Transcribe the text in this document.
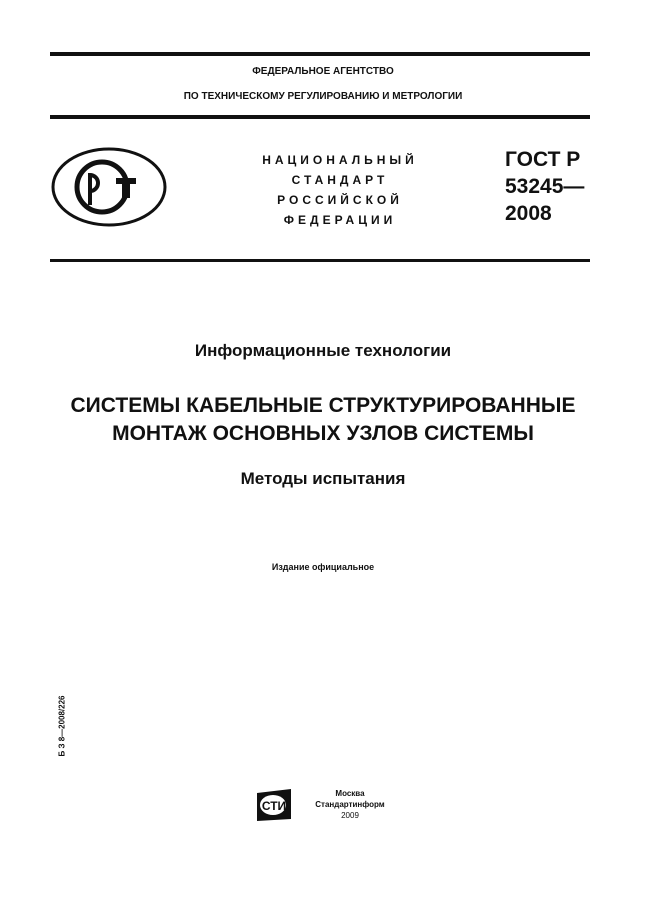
ФЕДЕРАЛЬНОЕ АГЕНТСТВО
ПО ТЕХНИЧЕСКОМУ РЕГУЛИРОВАНИЮ И МЕТРОЛОГИИ
НАЦИОНАЛЬНЫЙ
СТАНДАРТ
РОССИЙСКОЙ
ФЕДЕРАЦИИ
ГОСТ Р
53245—
2008
Информационные технологии
СИСТЕМЫ КАБЕЛЬНЫЕ СТРУКТУРИРОВАННЫЕ
МОНТАЖ ОСНОВНЫХ УЗЛОВ СИСТЕМЫ
Методы испытания
Издание официальное
Б З 8—2008/226
СТИ
Москва
Стандартинформ
2009
